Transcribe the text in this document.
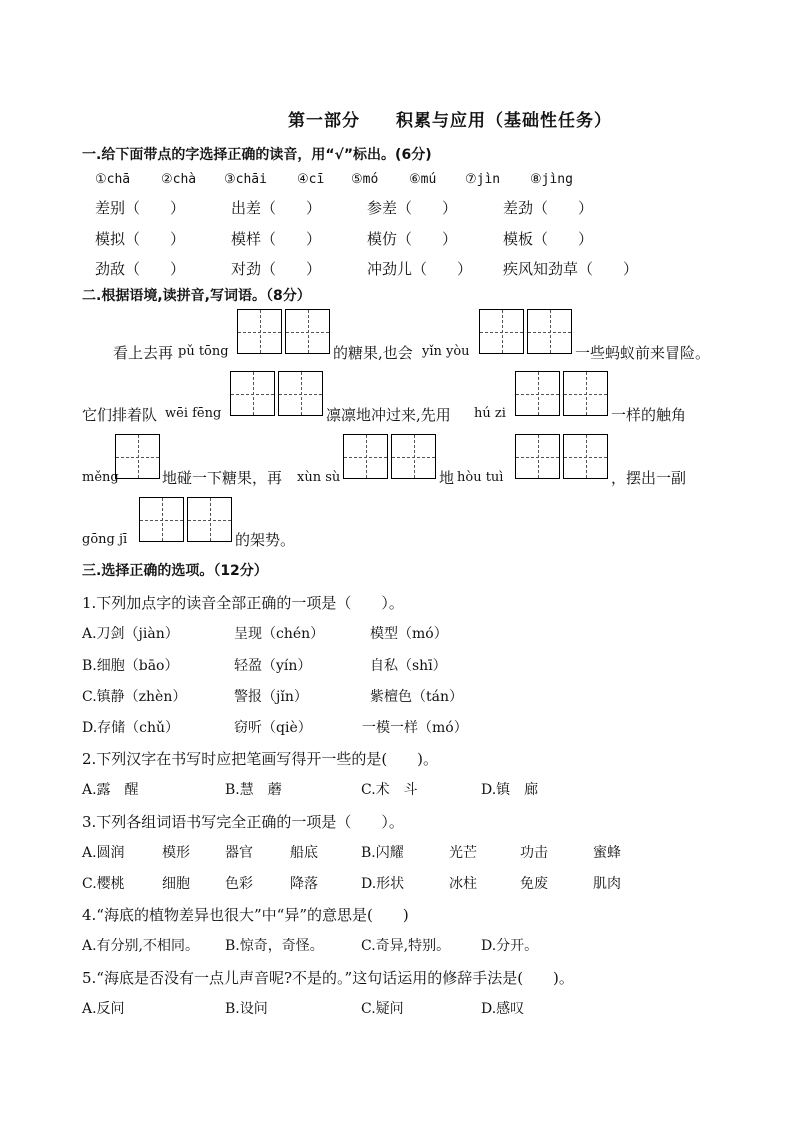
第一部分　　积累与应用（基础性任务）
一.给下面带点的字选择正确的读音，用“√”标出。(6分)
①chā ②chà ③chāi ④cī ⑤mó ⑥mú ⑦jìn ⑧jìng
差别（　　）	出差（　　）	参差（　　）	差劲（　　）
模拟（　　）	模样（　　）	模仿（　　）	模板（　　）
劲敌（　　）	对劲（　　）	冲劲儿（　　） 疾风知劲草（　　）
二.根据语境,读拼音,写词语。（8分）
看上去再 pǔ tōng	的糖果,也会 yǐn yòu	一些蚂蚁前来冒险。
它们排着队 wēi fēng	凛凛地冲过来,先用 hú zi	一样的触角
měng	地碰一下糖果，再 xùn sù	地 hòu tuì	，摆出一副
gōng jī	的架势。
三.选择正确的选项。（12分）
1.下列加点字的读音全部正确的一项是（　　）。
A.刀剑（jiàn）	呈现（chén）	模型（mó）
B.细胞（bāo）	轻盈（yín）	自私（shī）
C.镇静（zhèn）	警报（jǐn）	紫檀色（tán）
D.存储（chǔ）	窃听（qiè）	一模一样（mó）
2.下列汉字在书写时应把笔画写得开一些的是(　　)。
A.露　醒	B.慧　蘑	C.术　斗	D.镇　廊
3.下列各组词语书写完全正确的一项是（　　）。
A.圆润	模形	器官	船底	B.闪耀	光芒	功击	蜜蜂
C.樱桃	细胞	色彩	降落	D.形状	冰柱	免废	肌肉
4.“海底的植物差异也很大”中“异”的意思是(　　)
A.有分别,不相同。 B.惊奇，奇怪。	C.奇异,特别。 D.分开。
5.“海底是否没有一点儿声音呢?不是的。”这句话运用的修辞手法是(　　)。
A.反问	B.设问	C.疑问	D.感叹
